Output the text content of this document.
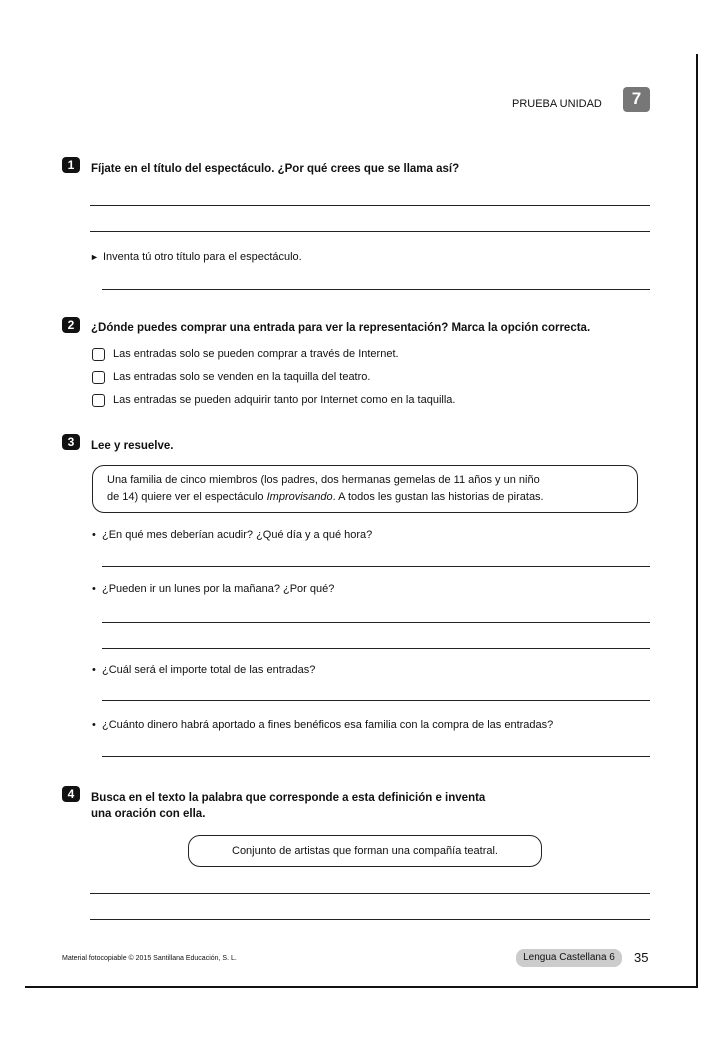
PRUEBA UNIDAD	7
1	Fíjate en el título del espectáculo. ¿Por qué crees que se llama así?
► Inventa tú otro título para el espectáculo.
2	¿Dónde puedes comprar una entrada para ver la representación? Marca la opción correcta.
Las entradas solo se pueden comprar a través de Internet.
Las entradas solo se venden en la taquilla del teatro.
Las entradas se pueden adquirir tanto por Internet como en la taquilla.
3	Lee y resuelve.
Una familia de cinco miembros (los padres, dos hermanas gemelas de 11 años y un niño
de 14) quiere ver el espectáculo Improvisando. A todos les gustan las historias de piratas.
• ¿En qué mes deberían acudir? ¿Qué día y a qué hora?
• ¿Pueden ir un lunes por la mañana? ¿Por qué?
• ¿Cuál será el importe total de las entradas?
• ¿Cuánto dinero habrá aportado a fines benéficos esa familia con la compra de las entradas?
4	Busca en el texto la palabra que corresponde a esta definición e inventa
una oración con ella.
Conjunto de artistas que forman una compañía teatral.
Material fotocopiable © 2015 Santillana Educación, S. L.	Lengua Castellana 6	35
